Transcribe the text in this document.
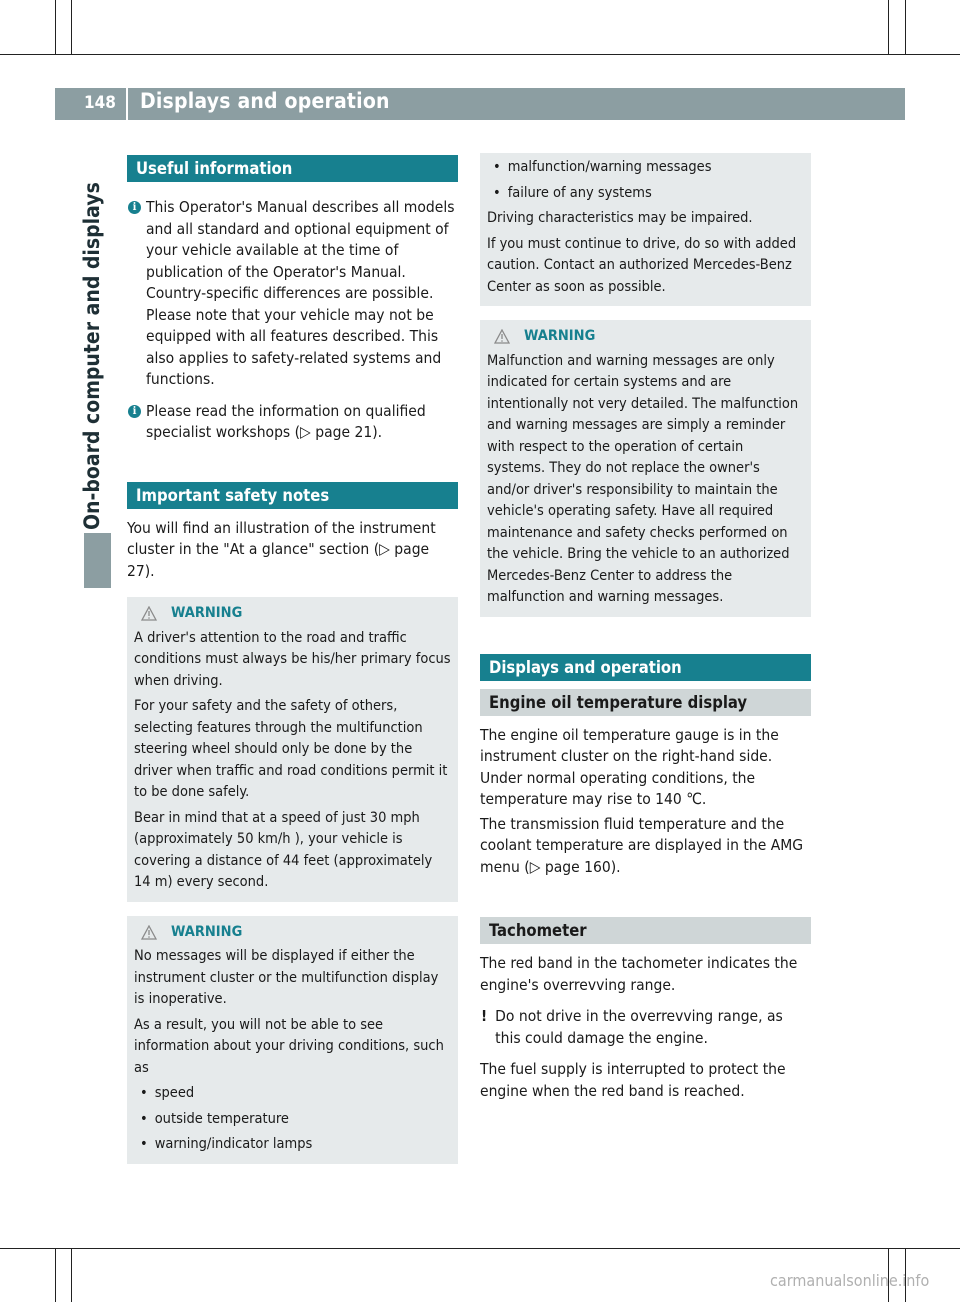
148 Displays and operation
On-board computer and displays
Useful information
i This Operator's Manual describes all models and all standard and optional equipment of your vehicle available at the time of publication of the Operator's Manual. Country-specific differences are possible. Please note that your vehicle may not be equipped with all features described. This also applies to safety-related systems and functions.
i Please read the information on qualified specialist workshops (▷ page 21).
Important safety notes

You will find an illustration of the instrument cluster in the "At a glance" section (▷ page 27).

WARNING

A driver's attention to the road and traffic conditions must always be his/her primary focus when driving.

For your safety and the safety of others, selecting features through the multifunction steering wheel should only be done by the driver when traffic and road conditions permit it to be done safely.

Bear in mind that at a speed of just 30 mph (approximately 50 km/h ), your vehicle is covering a distance of 44 feet (approximately 14 m) every second.

WARNING

No messages will be displayed if either the instrument cluster or the multifunction display is inoperative.

As a result, you will not be able to see information about your driving conditions, such as

• speed
• outside temperature
• warning/indicator lamps
• malfunction/warning messages
• failure of any systems

Driving characteristics may be impaired.

If you must continue to drive, do so with added caution. Contact an authorized Mercedes-Benz Center as soon as possible.

WARNING

Malfunction and warning messages are only indicated for certain systems and are intentionally not very detailed. The malfunction and warning messages are simply a reminder with respect to the operation of certain systems. They do not replace the owner's and/or driver's responsibility to maintain the vehicle's operating safety. Have all required maintenance and safety checks performed on the vehicle. Bring the vehicle to an authorized Mercedes-Benz Center to address the malfunction and warning messages.

Displays and operation
Engine oil temperature display

The engine oil temperature gauge is in the instrument cluster on the right-hand side. Under normal operating conditions, the temperature may rise to 140 ℃.

The transmission fluid temperature and the coolant temperature are displayed in the AMG menu (▷ page 160).

Tachometer

The red band in the tachometer indicates the engine's overrevving range.

! Do not drive in the overrevving range, as this could damage the engine.

The fuel supply is interrupted to protect the engine when the red band is reached.

carmanualsonline.info
